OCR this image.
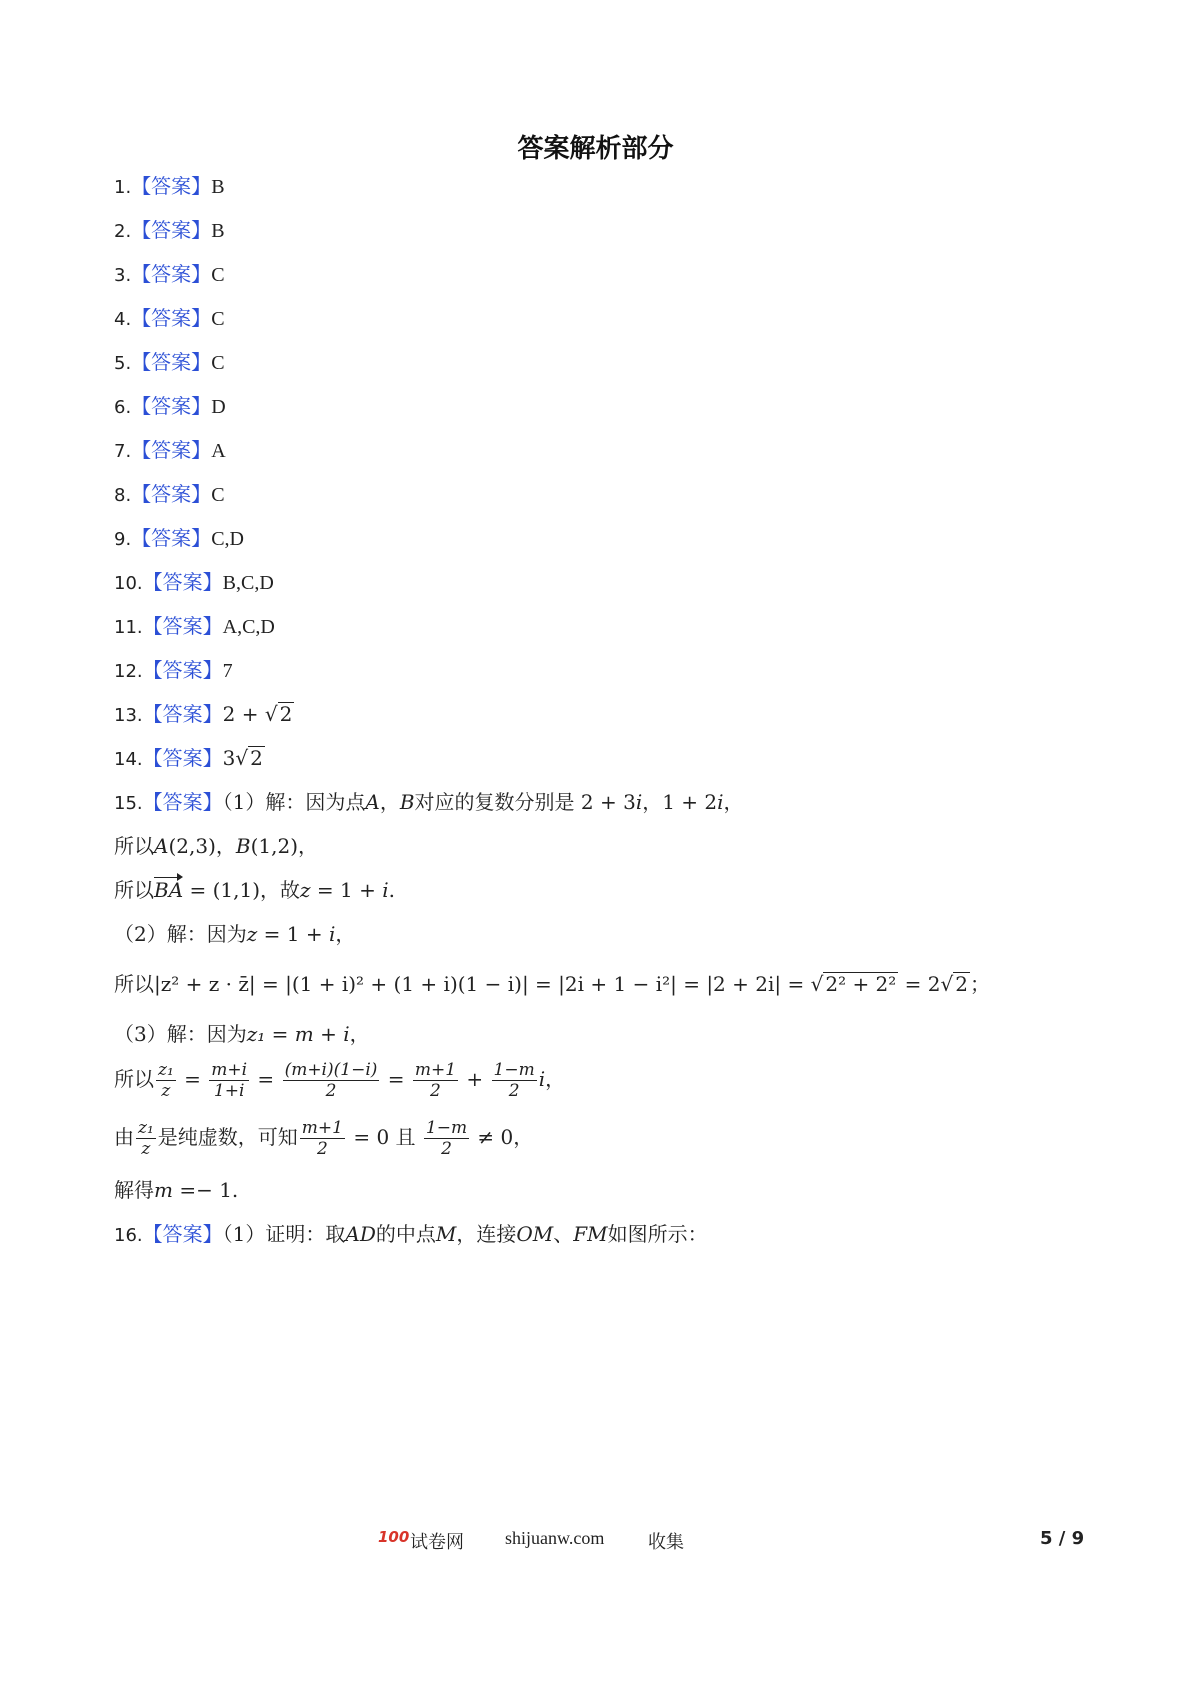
答案解析部分
1.【答案】B
2.【答案】B
3.【答案】C
4.【答案】C
5.【答案】C
6.【答案】D
7.【答案】A
8.【答案】C
9.【答案】C,D
10.【答案】B,C,D
11.【答案】A,C,D
12.【答案】7
13.【答案】2 + √ 2
14.【答案】3√ 2
15.【答案】（1）解：因为点A，B对应的复数分别是 2 + 3i，1 + 2i，
所以A(2,3)，B(1,2)，
所以BA = (1,1)，故z = 1 + i.
（2）解：因为z = 1 + i，
所以|z² + z · z̄| = |(1 + i)² + (1 + i)(1 − i)| = |2i + 1 − i²| = |2 + 2i| = √ 2² + 2² = 2√ 2 ；
（3）解：因为z₁ = m + i，
所以 $\frac{\text{z₁}}{z} = \frac{m+i}{1+i} = \frac{(m+i)(1-i)}{2} = \frac{m+1}{2} + \frac{1-m}{2}$ i，
由 $\frac{\text{z₁}}{z}$ 是纯虚数，可知 $\frac{m+1}{2} = 0$ 且 $\frac{1-m}{2} \ne 0$，
解得m =− 1.
16.【答案】（1）证明：取AD的中点M，连接OM、FM如图所示：
100 试卷网 shijuanw.com 收集	5 / 9
